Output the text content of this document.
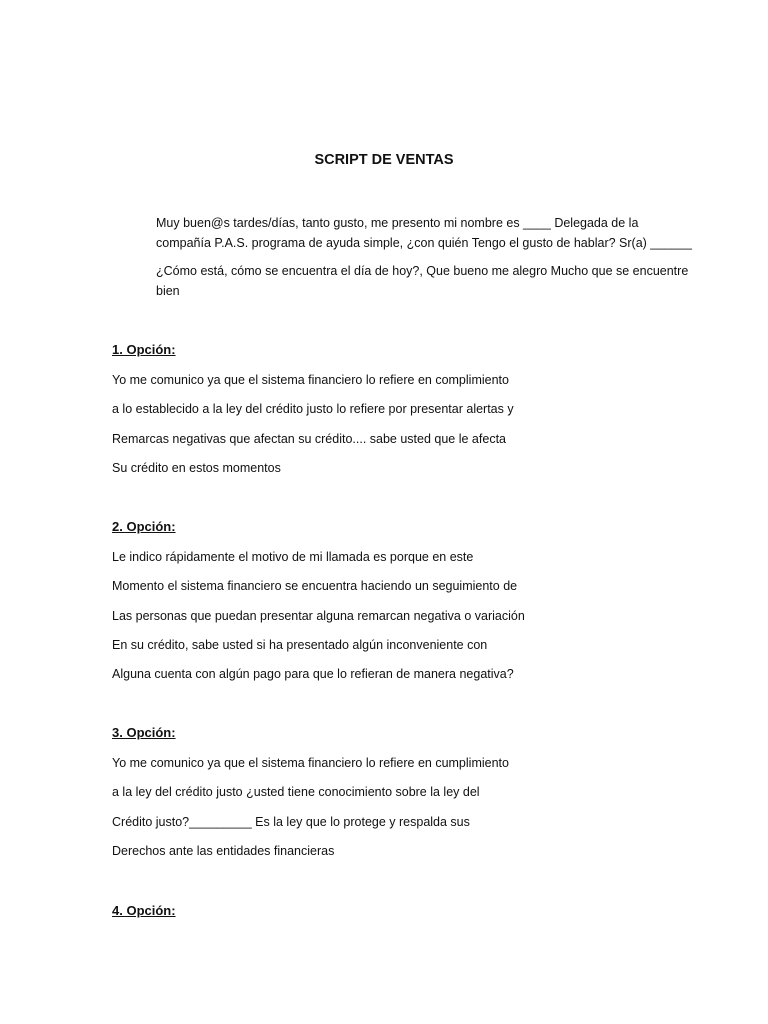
SCRIPT DE VENTAS

Muy buen@s tardes/días, tanto gusto, me presento mi nombre es ____ Delegada de la compañía P.A.S. programa de ayuda simple, ¿con quién Tengo el gusto de hablar? Sr(a) ______

¿Cómo está, cómo se encuentra el día de hoy?, Que bueno me alegro Mucho que se encuentre bien

1. Opción:
Yo me comunico ya que el sistema financiero lo refiere en complimiento
a lo establecido a la ley del crédito justo lo refiere por presentar alertas y
Remarcas negativas que afectan su crédito.... sabe usted que le afecta
Su crédito en estos momentos
2. Opción:
Le indico rápidamente el motivo de mi llamada es porque en este
Momento el sistema financiero se encuentra haciendo un seguimiento de
Las personas que puedan presentar alguna remarcan negativa o variación
En su crédito, sabe usted si ha presentado algún inconveniente con
Alguna cuenta con algún pago para que lo refieran de manera negativa?
3. Opción:
Yo me comunico ya que el sistema financiero lo refiere en cumplimiento
a la ley del crédito justo ¿usted tiene conocimiento sobre la ley del
Crédito justo?_________ Es la ley que lo protege y respalda sus
Derechos ante las entidades financieras
4. Opción:
